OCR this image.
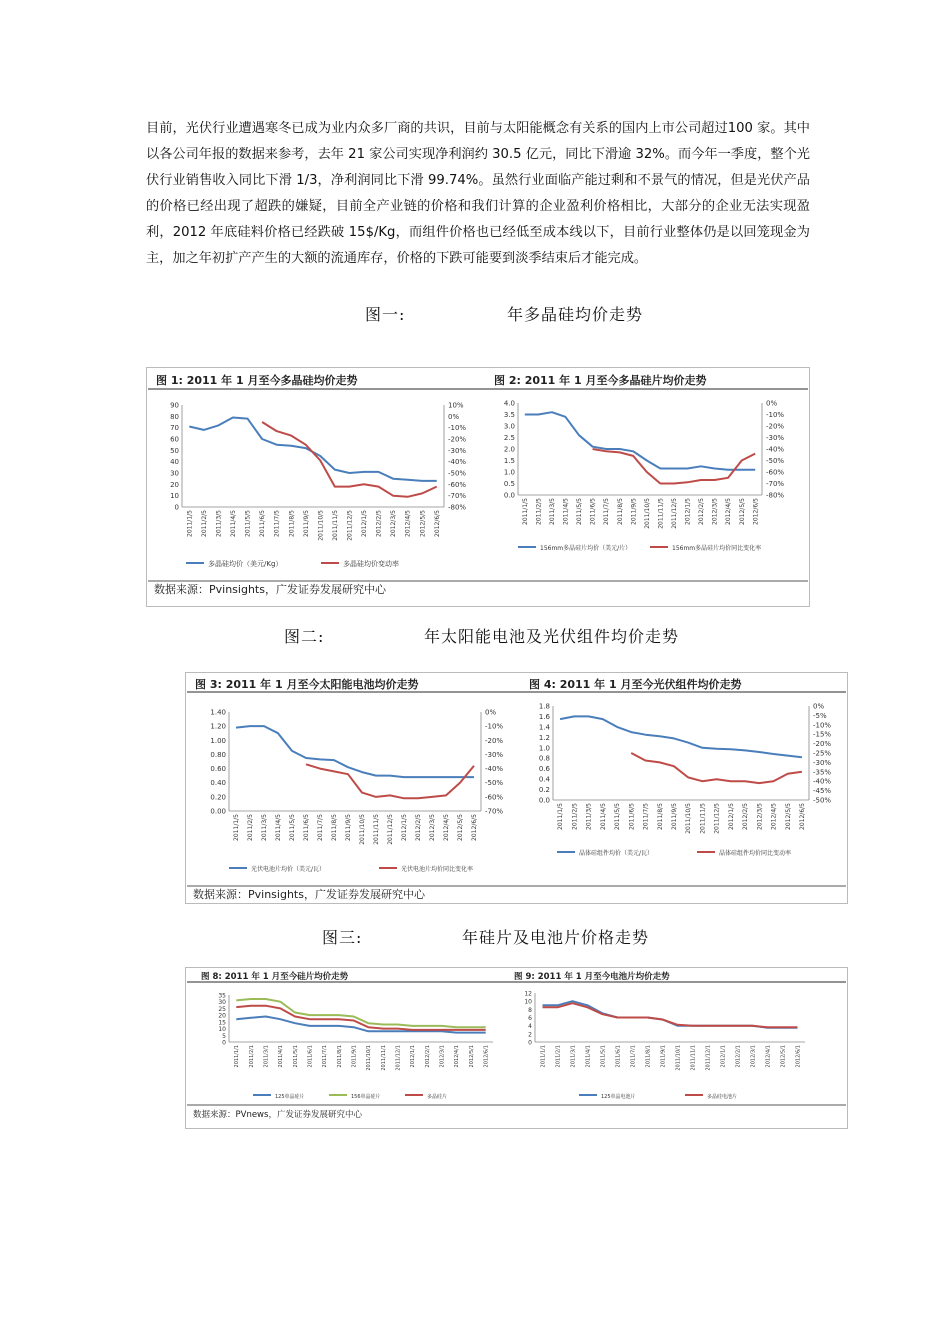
目前，光伏行业遭遇寒冬已成为业内众多厂商的共识，目前与太阳能概念有关系的国内上市公司超过100 家。其中以各公司年报的数据来参考，去年 21 家公司实现净利润约 30.5 亿元，同比下滑逾 32%。而今年一季度，整个光伏行业销售收入同比下滑 1/3，净利润同比下滑 99.74%。虽然行业面临产能过剩和不景气的情况，但是光伏产品的价格已经出现了超跌的嫌疑，目前全产业链的价格和我们计算的企业盈利价格相比，大部分的企业无法实现盈利，2012 年底硅料价格已经跌破 15$/Kg，而组件价格也已经低至成本线以下，目前行业整体仍是以回笼现金为主，加之年初扩产产生的大额的流通库存，价格的下跌可能要到淡季结束后才能完成。

图一:	年多晶硅均价走势
数据来源：Pvinsights，广发证券发展研究中心
图 1: 2011 年 1 月至今多晶硅均价走势
0
10
20
30
40
50
60
70
80
90	10%
0%
-10%
-20%
-30%
-40%
-50%
-60%
-70%
-80%
2011/1/5 2011/2/5 2011/3/5 2011/4/5 2011/5/5 2011/6/5 2011/7/5 2011/8/5 2011/9/5 2011/10/5 2011/11/5 2011/12/5 2012/1/5 2012/2/5 2012/3/5 2012/4/5 2012/5/5 2012/6/5
多晶硅均价（美元/Kg）	多晶硅均价变动率
图 2: 2011 年 1 月至今多晶硅片均价走势
0.0
0.5
1.0
1.5
2.0
2.5
3.0
3.5
4.0	0%
-10%
-20%
-30%
-40%
-50%
-60%
-70%
-80%
2011/1/5 2011/2/5 2011/3/5 2011/4/5 2011/5/5 2011/6/5 2011/7/5 2011/8/5 2011/9/5 2011/10/5 2011/11/5 2011/12/5 2012/1/5 2012/2/5 2012/3/5 2012/4/5 2012/5/5 2012/6/5
156mm多晶硅片均价（美元/片）	156mm多晶硅片均价同比变化率
图二:	年太阳能电池及光伏组件均价走势
数据来源：Pvinsights，广发证券发展研究中心
图 3: 2011 年 1 月至今太阳能电池均价走势
0.00
0.20
0.40
0.60
0.80
1.00
1.20
1.40	0%
-10%
-20%
-30%
-40%
-50%
-60%
-70%
2011/1/5 2011/2/5 2011/3/5 2011/4/5 2011/5/5 2011/6/5 2011/7/5 2011/8/5 2011/9/5 2011/10/5 2011/11/5 2011/12/5 2012/1/5 2012/2/5 2012/3/5 2012/4/5 2012/5/5 2012/6/5
光伏电池片均价（美元/瓦）	光伏电池片均价同比变化率
图 4: 2011 年 1 月至今光伏组件均价走势
0.0
0.2
0.4
0.6
0.8
1.0
1.2
1.4
1.6
1.8	0%
-5%
-10%
-15%
-20%
-25%
-30%
-35%
-40%
-45%
-50%
2011/1/5 2011/2/5 2011/3/5 2011/4/5 2011/5/5 2011/6/5 2011/7/5 2011/8/5 2011/9/5 2011/10/5 2011/11/5 2011/12/5 2012/1/5 2012/2/5 2012/3/5 2012/4/5 2012/5/5 2012/6/5
晶体硅组件均价（美元/瓦）	晶体硅组件均价同比变动率
图三:	年硅片及电池片价格走势
数据来源：PVnews，广发证券发展研究中心
图 8: 2011 年 1 月至今硅片均价走势
0
5
10
15
20
25
30
35
2011/1/1 2011/2/1 2011/3/1 2011/4/1 2011/5/1 2011/6/1 2011/7/1 2011/8/1 2011/9/1 2011/10/1 2011/11/1 2011/12/1 2012/1/1 2012/2/1 2012/3/1 2012/4/1 2012/5/1 2012/6/1
125单晶硅片	156单晶硅片	多晶硅片
图 9: 2011 年 1 月至今电池片均价走势
0
2
4
6
8
10
12
2011/1/1 2011/2/1 2011/3/1 2011/4/1 2011/5/1 2011/6/1 2011/7/1 2011/8/1 2011/9/1 2011/10/1 2011/11/1 2011/12/1 2012/1/1 2012/2/1 2012/3/1 2012/4/1 2012/5/1 2012/6/1
125单晶电池片	多晶硅电池片
